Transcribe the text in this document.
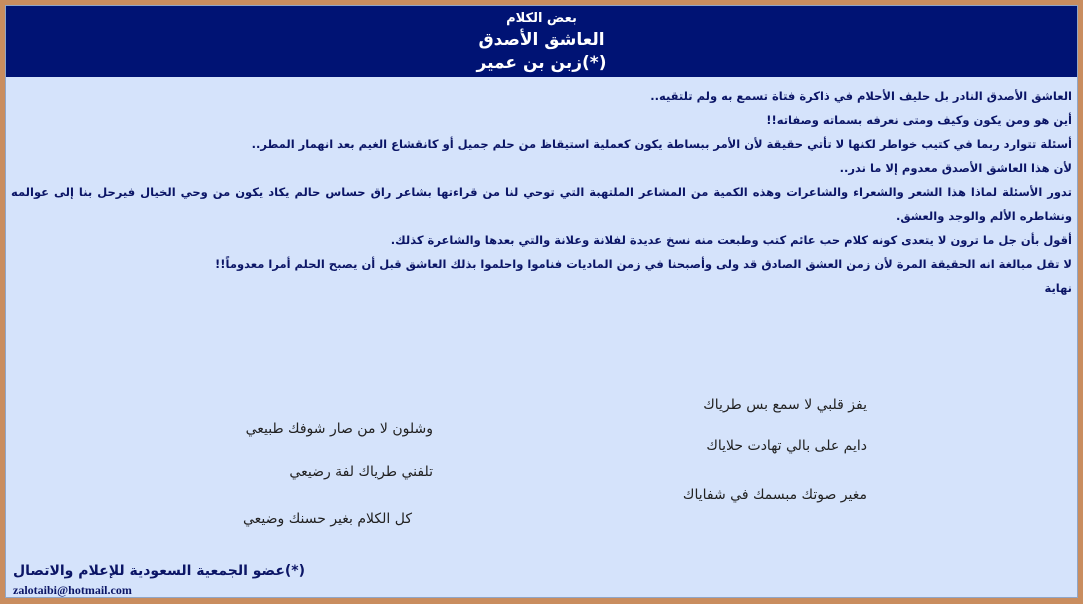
بعض الكلام
العاشق الأصدق
زبن بن عمير(*)
العاشق الأصدق النادر بل حليف الأحلام في ذاكرة فتاة تسمع به ولم تلتقيه..
أين هو ومن يكون وكيف ومتى نعرفه بسماته وصفاته!!
أسئلة تتوارد ربما في كتيب خواطر لكنها لا تأتي حقيقة لأن الأمر ببساطة يكون كعملية استيقاظ من حلم جميل أو كانقشاع الغيم بعد انهمار المطر..
لأن هذا العاشق الأصدق معدوم إلا ما ندر..
تدور الأسئلة لماذا هذا الشعر والشعراء والشاعرات وهذه الكمية من المشاعر الملتهبة التي توحي لنا من قراءتها بشاعر راق حساس حالم يكاد يكون من وحي الخيال فيرحل بنا إلى عوالمه ونشاطره الألم والوجد والعشق.
أقول بأن جل ما ترون لا يتعدى كونه كلام حب عائم كتب وطبعت منه نسخ عديدة لفلانة وعلانة والتي بعدها والشاعرة كذلك.
لا تقل مبالغة انه الحقيقة المرة لأن زمن العشق الصادق قد ولى وأصبحنا في زمن الماديات فناموا واحلموا بذلك العاشق قبل أن يصبح الحلم أمرا معدوماً!!
نهاية
يفز قلبي لا سمع بس طرياك
دايم على بالي تهادت حلاياك
مغير صوتك مبسمك في شفاياك
وشلون لا من صار شوفك طبيعي
تلفني طرياك لفة رضيعي
كل الكلام بغير حسنك وضيعي
(*)عضو الجمعية السعودية للإعلام والاتصال
zalotaibi@hotmail.com
